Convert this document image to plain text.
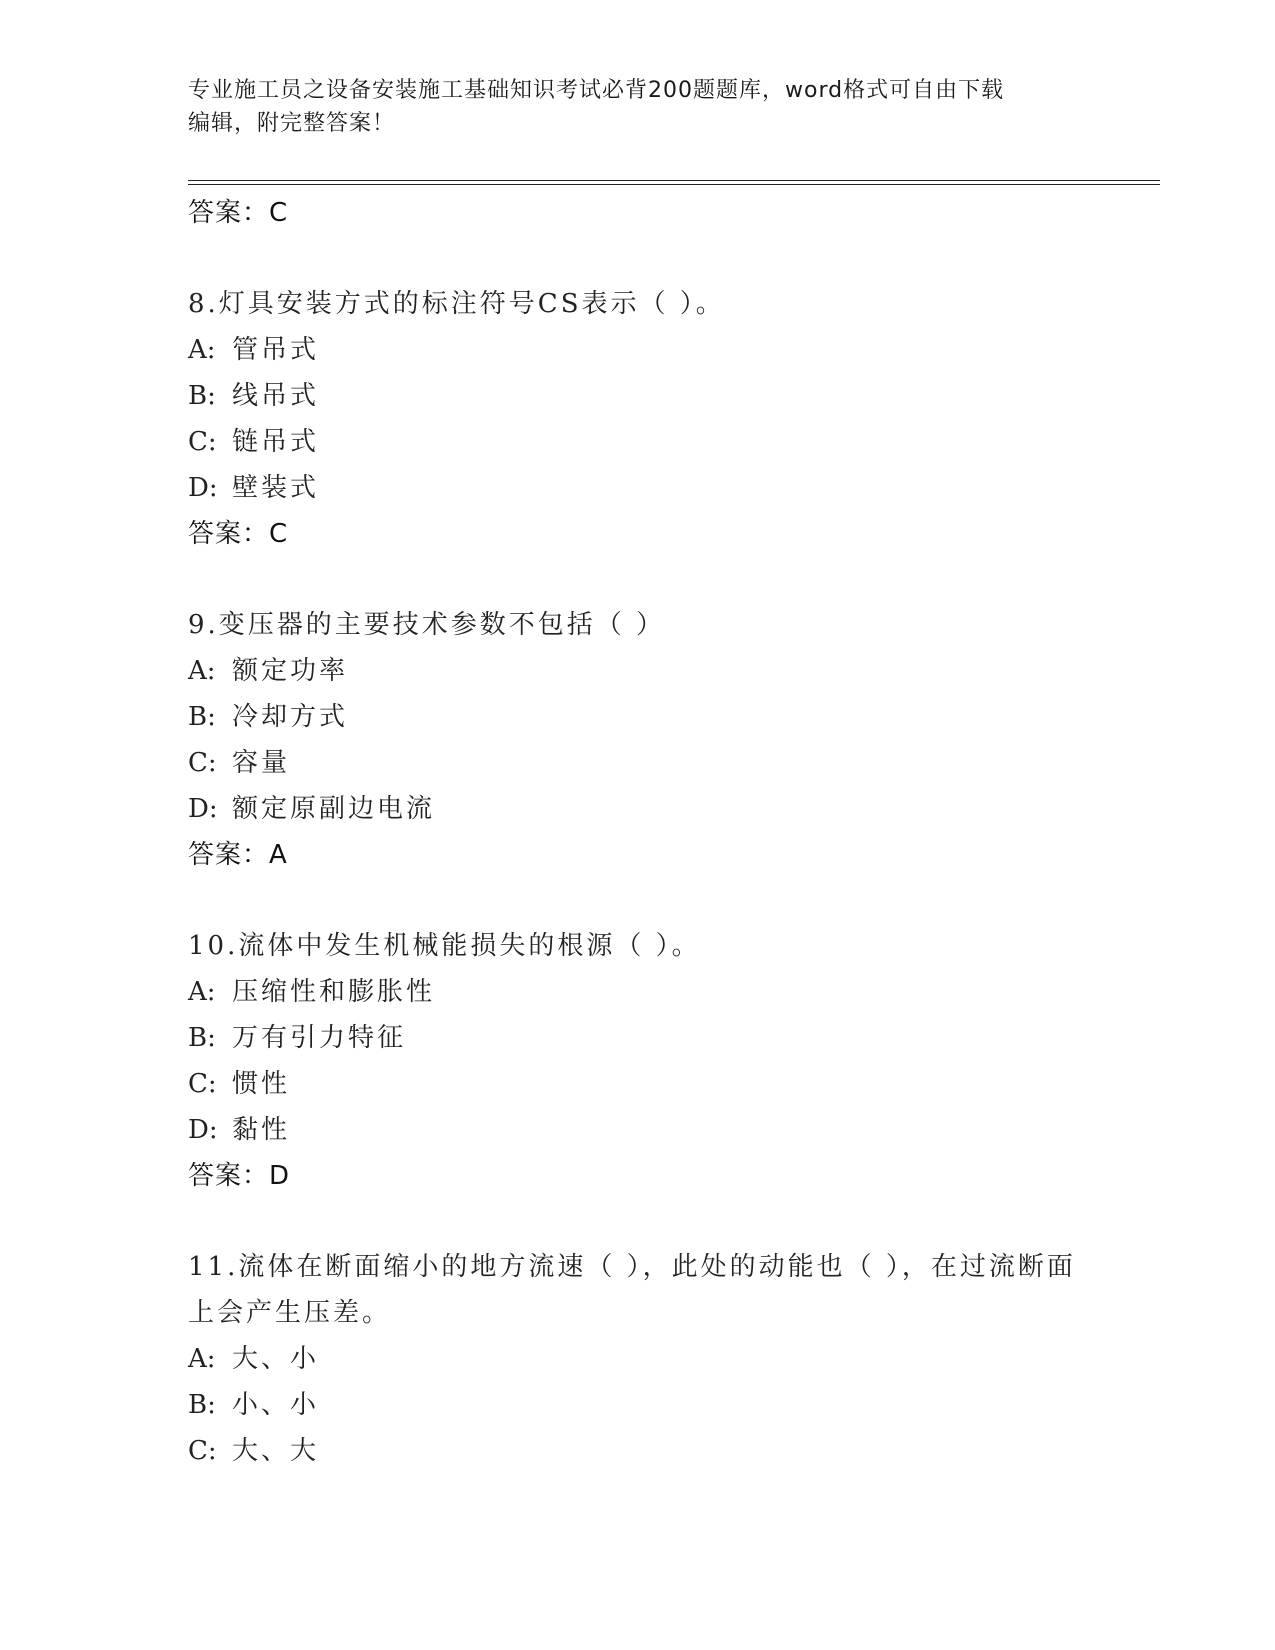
专业施工员之设备安装施工基础知识考试必背200题题库，word格式可自由下载
编辑，附完整答案！
答案：C
8.灯具安装方式的标注符号CS表示（ ）。
A: 管吊式
B: 线吊式
C: 链吊式
D: 壁装式
答案：C
9.变压器的主要技术参数不包括（ ）
A: 额定功率
B: 冷却方式
C: 容量
D: 额定原副边电流
答案：A
10.流体中发生机械能损失的根源（ ）。
A: 压缩性和膨胀性
B: 万有引力特征
C: 惯性
D: 黏性
答案：D
11.流体在断面缩小的地方流速（ ），此处的动能也（ ），在过流断面上会产生压差。
A: 大、小
B: 小、小
C: 大、大
